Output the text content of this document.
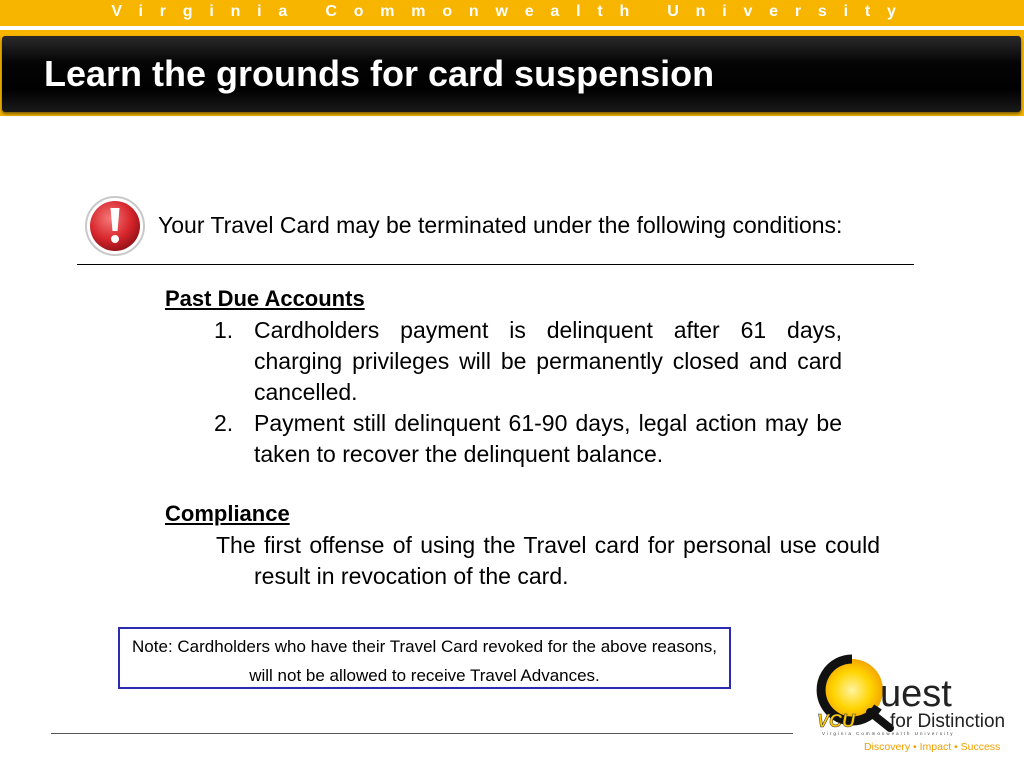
Virginia Commonwealth University
Learn the grounds for card suspension
Your Travel Card may be terminated under the following conditions:
Past Due Accounts
1. Cardholders payment is delinquent after 61 days, charging privileges will be permanently closed and card cancelled.
2. Payment still delinquent 61-90 days, legal action may be taken to recover the delinquent balance.
Compliance

The first offense of using the Travel card for personal use could result in revocation of the card.

Note: Cardholders who have their Travel Card revoked for the above reasons, will not be allowed to receive Travel Advances.	uest
VCU for Distinction
Virginia Commonwealth University
Discovery • Impact • Success
